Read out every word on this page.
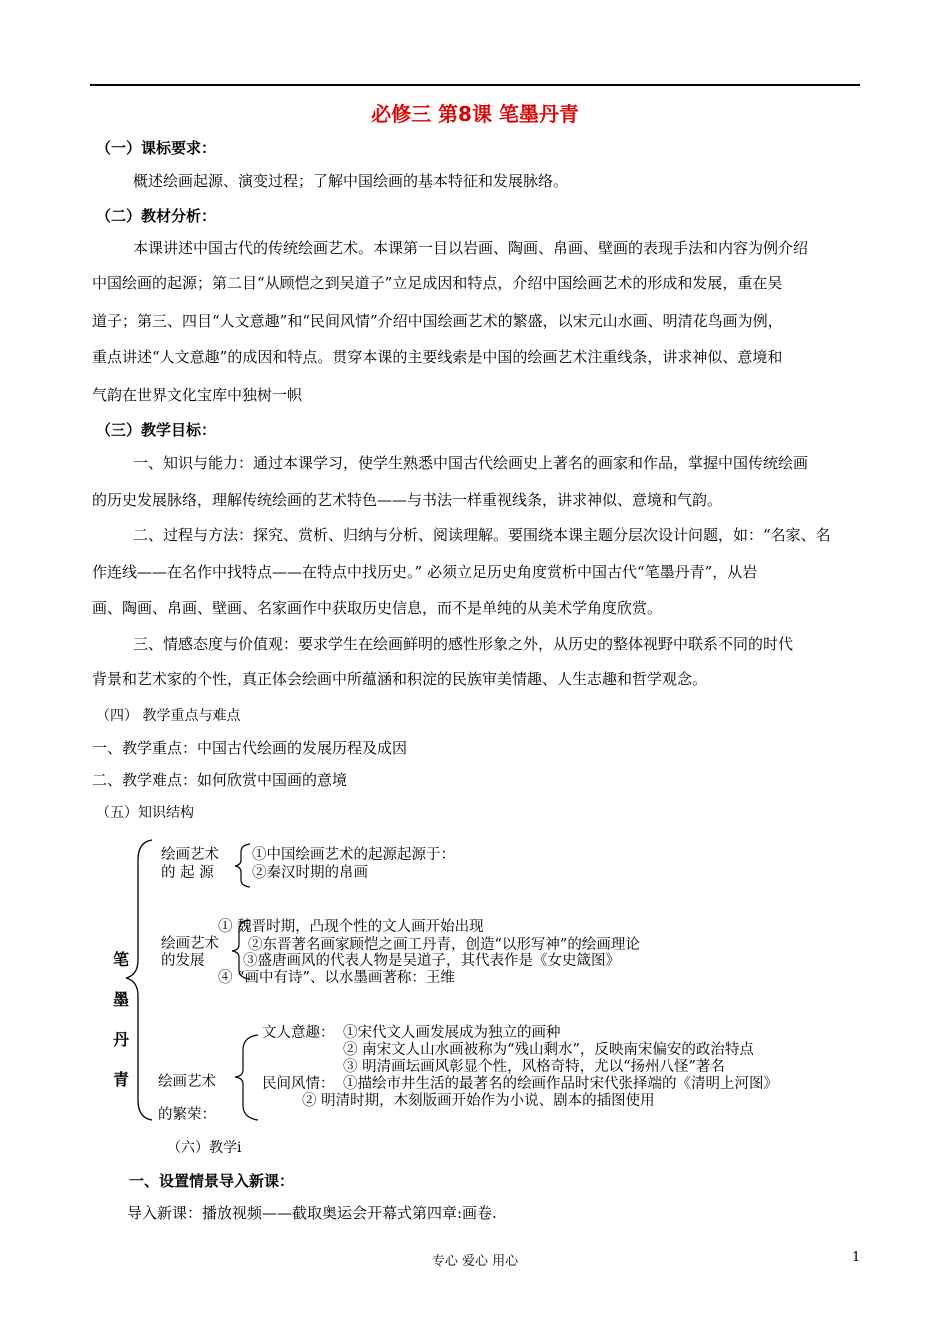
必修三 第8课 笔墨丹青
（一）课标要求：
概述绘画起源、演变过程；了解中国绘画的基本特征和发展脉络。
（二）教材分析：
本课讲述中国古代的传统绘画艺术。本课第一目以岩画、陶画、帛画、壁画的表现手法和内容为例介绍
中国绘画的起源；第二目“从顾恺之到吴道子”立足成因和特点，介绍中国绘画艺术的形成和发展，重在吴
道子；第三、四目“人文意趣”和“民间风情”介绍中国绘画艺术的繁盛，以宋元山水画、明清花鸟画为例，
重点讲述“人文意趣”的成因和特点。贯穿本课的主要线索是中国的绘画艺术注重线条，讲求神似、意境和
气韵在世界文化宝库中独树一帜
（三）教学目标：
一、知识与能力：通过本课学习，使学生熟悉中国古代绘画史上著名的画家和作品，掌握中国传统绘画
的历史发展脉络，理解传统绘画的艺术特色——与书法一样重视线条，讲求神似、意境和气韵。
二、过程与方法：探究、赏析、归纳与分析、阅读理解。要围绕本课主题分层次设计问题，如：“名家、名
作连线——在名作中找特点——在特点中找历史。” 必须立足历史角度赏析中国古代“笔墨丹青”，从岩
画、陶画、帛画、壁画、名家画作中获取历史信息，而不是单纯的从美术学角度欣赏。
三、情感态度与价值观：要求学生在绘画鲜明的感性形象之外，从历史的整体视野中联系不同的时代
背景和艺术家的个性，真正体会绘画中所蕴涵和积淀的民族审美情趣、人生志趣和哲学观念。
（四） 教学重点与难点
一、教学重点：中国古代绘画的发展历程及成因
二、教学难点：如何欣赏中国画的意境
（五）知识结构
笔
墨
丹
青
绘画艺术
的 起 源
①中国绘画艺术的起源起源于：
②秦汉时期的帛画
绘画艺术
的发展
① 魏晋时期，凸现个性的文人画开始出现
②东晋著名画家顾恺之画工丹青，创造“以形写神”的绘画理论
③盛唐画风的代表人物是吴道子，其代表作是《女史箴图》
④ “画中有诗”、以水墨画著称：王维
绘画艺术
的繁荣：
文人意趣： ①宋代文人画发展成为独立的画种
② 南宋文人山水画被称为“残山剩水”，反映南宋偏安的政治特点
③ 明清画坛画风彰显个性，风格奇特，尤以“扬州八怪”著名
民间风情： ①描绘市井生活的最著名的绘画作品时宋代张择端的《清明上河图》
② 明清时期，木刻版画开始作为小说、剧本的插图使用
（六）教学i
一、设置情景导入新课：
导入新课：播放视频——截取奥运会开幕式第四章:画卷.
专心 爱心 用心	1
